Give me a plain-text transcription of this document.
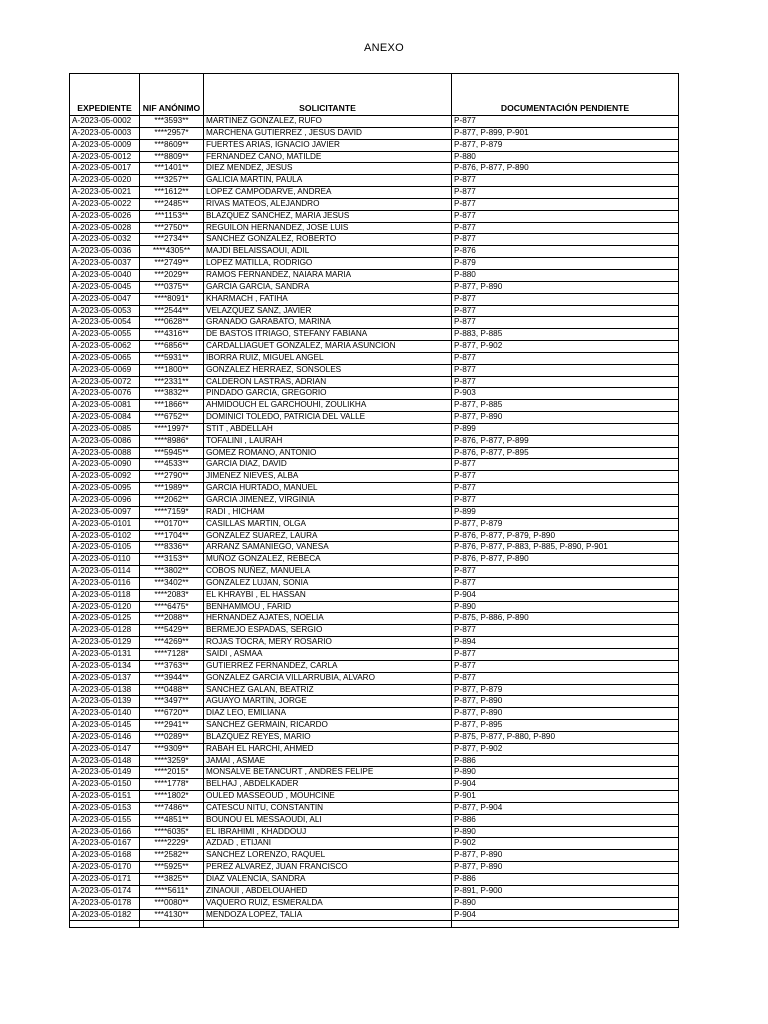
ANEXO
EXPEDIENTE	NIF ANÓNIMO	SOLICITANTE	DOCUMENTACIÓN PENDIENTE
A-2023-05-0002	***3593**	MARTINEZ GONZALEZ, RUFO	P-877
A-2023-05-0003	****2957*	MARCHENA GUTIERREZ , JESUS DAVID	P-877, P-899, P-901
A-2023-05-0009	***8609**	FUERTES ARIAS, IGNACIO JAVIER	P-877, P-879
A-2023-05-0012	***8809**	FERNANDEZ CANO, MATILDE	P-880
A-2023-05-0017	***1401**	DIEZ MENDEZ, JESUS	P-876, P-877, P-890
A-2023-05-0020	***3257**	GALICIA MARTIN, PAULA	P-877
A-2023-05-0021	***1612**	LOPEZ CAMPODARVE, ANDREA	P-877
A-2023-05-0022	***2485**	RIVAS MATEOS, ALEJANDRO	P-877
A-2023-05-0026	***1153**	BLAZQUEZ SANCHEZ, MARIA JESUS	P-877
A-2023-05-0028	***2750**	REGUILON HERNANDEZ, JOSE LUIS	P-877
A-2023-05-0032	***2734**	SANCHEZ GONZALEZ, ROBERTO	P-877
A-2023-05-0036	****4305**	MAJDI BELAISSAOUI, ADIL	P-876
A-2023-05-0037	***2749**	LOPEZ MATILLA, RODRIGO	P-879
A-2023-05-0040	***2029**	RAMOS FERNANDEZ, NAIARA MARIA	P-880
A-2023-05-0045	***0375**	GARCIA GARCIA, SANDRA	P-877, P-890
A-2023-05-0047	****8091*	KHARMACH , FATIHA	P-877
A-2023-05-0053	***2544**	VELAZQUEZ SANZ, JAVIER	P-877
A-2023-05-0054	***0628**	GRANADO GARABATO, MARINA	P-877
A-2023-05-0055	***4316**	DE BASTOS ITRIAGO, STEFANY FABIANA	P-883, P-885
A-2023-05-0062	***6856**	CARDALLIAGUET GONZALEZ, MARIA ASUNCION	P-877, P-902
A-2023-05-0065	***5931**	IBORRA RUIZ, MIGUEL ANGEL	P-877
A-2023-05-0069	***1800**	GONZALEZ HERRAEZ, SONSOLES	P-877
A-2023-05-0072	***2331**	CALDERON LASTRAS, ADRIAN	P-877
A-2023-05-0076	***3832**	PINDADO GARCIA, GREGORIO	P-903
A-2023-05-0081	***1866**	AHMIDOUCH EL GARCHOUHI, ZOULIKHA	P-877, P-885
A-2023-05-0084	***6752**	DOMINICI TOLEDO, PATRICIA DEL VALLE	P-877, P-890
A-2023-05-0085	****1997*	STIT , ABDELLAH	P-899
A-2023-05-0086	****8986*	TOFALINI , LAURAH	P-876, P-877, P-899
A-2023-05-0088	***5945**	GOMEZ ROMANO, ANTONIO	P-876, P-877, P-895
A-2023-05-0090	***4533**	GARCIA DIAZ, DAVID	P-877
A-2023-05-0092	***2790**	JIMENEZ NIEVES, ALBA	P-877
A-2023-05-0095	***1989**	GARCIA HURTADO, MANUEL	P-877
A-2023-05-0096	***2062**	GARCIA JIMENEZ, VIRGINIA	P-877
A-2023-05-0097	****7159*	RADI , HICHAM	P-899
A-2023-05-0101	***0170**	CASILLAS MARTIN, OLGA	P-877, P-879
A-2023-05-0102	***1704**	GONZALEZ SUAREZ, LAURA	P-876, P-877, P-879, P-890
A-2023-05-0105	***8336**	ARRANZ SAMANIEGO, VANESA	P-876, P-877, P-883, P-885, P-890, P-901
A-2023-05-0110	***3153**	MUÑOZ GONZALEZ, REBECA	P-876, P-877, P-890
A-2023-05-0114	***3802**	COBOS NUÑEZ, MANUELA	P-877
A-2023-05-0116	***3402**	GONZALEZ LUJAN, SONIA	P-877
A-2023-05-0118	****2083*	EL KHRAYBI , EL HASSAN	P-904
A-2023-05-0120	****6475*	BENHAMMOU , FARID	P-890
A-2023-05-0125	***2088**	HERNANDEZ AJATES, NOELIA	P-875, P-886, P-890
A-2023-05-0128	***5429**	BERMEJO ESPADAS, SERGIO	P-877
A-2023-05-0129	***4269**	ROJAS TOCRA, MERY ROSARIO	P-894
A-2023-05-0131	****7128*	SAIDI , ASMAA	P-877
A-2023-05-0134	***3763**	GUTIERREZ FERNANDEZ, CARLA	P-877
A-2023-05-0137	***3944**	GONZALEZ GARCIA VILLARRUBIA, ALVARO	P-877
A-2023-05-0138	***0488**	SANCHEZ GALAN, BEATRIZ	P-877, P-879
A-2023-05-0139	***3497**	AGUAYO MARTIN, JORGE	P-877, P-890
A-2023-05-0140	***6720**	DIAZ LEO, EMILIANA	P-877, P-890
A-2023-05-0145	***2941**	SANCHEZ GERMAIN, RICARDO	P-877, P-895
A-2023-05-0146	***0289**	BLAZQUEZ REYES, MARIO	P-875, P-877, P-880, P-890
A-2023-05-0147	***9309**	RABAH EL HARCHI, AHMED	P-877, P-902
A-2023-05-0148	****3259*	JAMAI , ASMAE	P-886
A-2023-05-0149	****2015*	MONSALVE BETANCURT , ANDRES FELIPE	P-890
A-2023-05-0150	****1778*	BELHAJ , ABDELKADER	P-904
A-2023-05-0151	****1802*	OULED MASSEOUD , MOUHCINE	P-901
A-2023-05-0153	***7486**	CATESCU NITU, CONSTANTIN	P-877, P-904
A-2023-05-0155	***4851**	BOUNOU EL MESSAOUDI, ALI	P-886
A-2023-05-0166	****6035*	EL IBRAHIMI , KHADDOUJ	P-890
A-2023-05-0167	****2229*	AZDAD , ETIJANI	P-902
A-2023-05-0168	***2582**	SANCHEZ LORENZO, RAQUEL	P-877, P-890
A-2023-05-0170	***5925**	PEREZ ALVAREZ, JUAN FRANCISCO	P-877, P-890
A-2023-05-0171	***3825**	DIAZ VALENCIA, SANDRA	P-886
A-2023-05-0174	****5611*	ZINAOUI , ABDELOUAHED	P-891, P-900
A-2023-05-0178	***0080**	VAQUERO RUIZ, ESMERALDA	P-890
A-2023-05-0182	***4130**	MENDOZA LOPEZ, TALIA	P-904
